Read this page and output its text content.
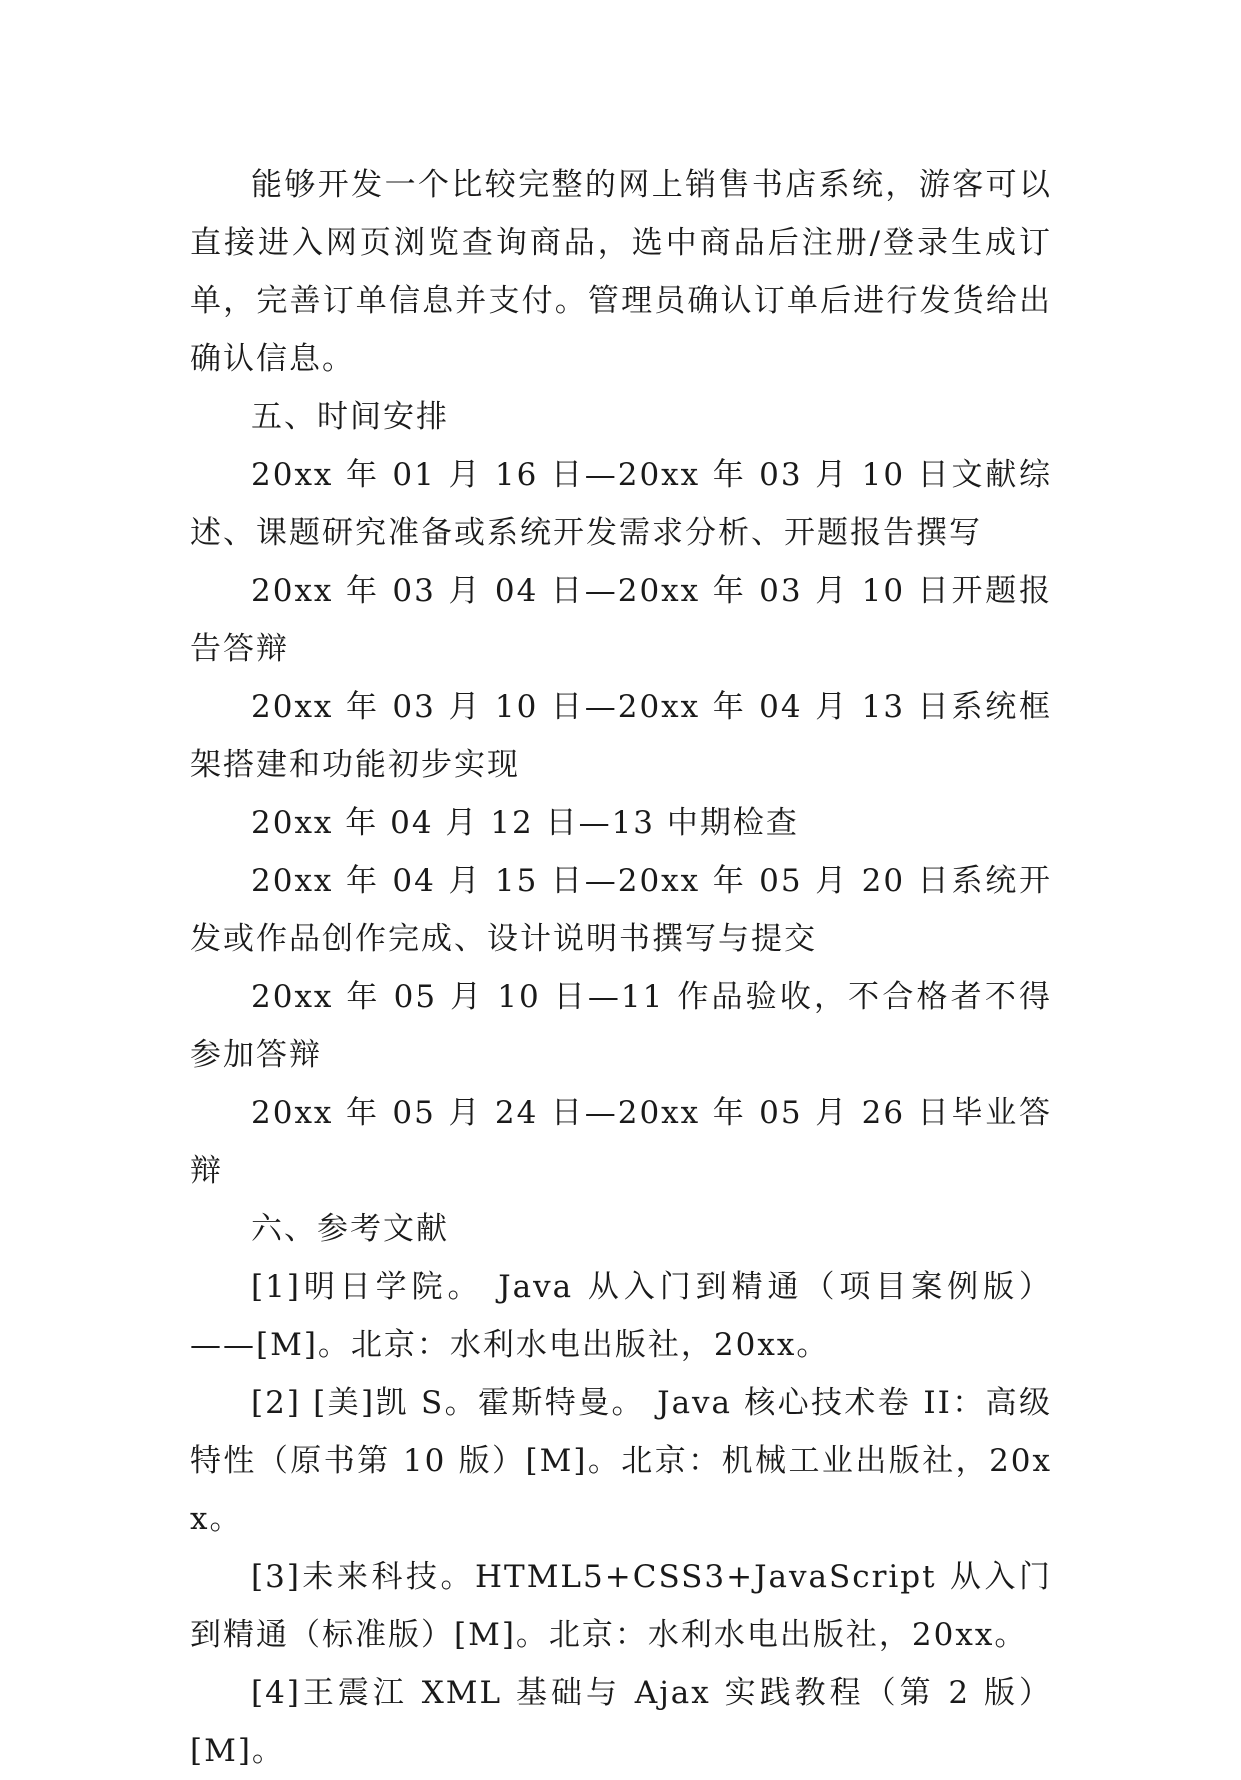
能够开发一个比较完整的网上销售书店系统，游客可以直接进入网页浏览查询商品，选中商品后注册/登录生成订单，完善订单信息并支付。管理员确认订单后进行发货给出确认信息。

五、时间安排

20xx 年 01 月 16 日—20xx 年 03 月 10 日文献综述、课题研究准备或系统开发需求分析、开题报告撰写

20xx 年 03 月 04 日—20xx 年 03 月 10 日开题报告答辩

20xx 年 03 月 10 日—20xx 年 04 月 13 日系统框架搭建和功能初步实现

20xx 年 04 月 12 日—13 中期检查

20xx 年 04 月 15 日—20xx 年 05 月 20 日系统开发或作品创作完成、设计说明书撰写与提交

20xx 年 05 月 10 日—11 作品验收，不合格者不得参加答辩

20xx 年 05 月 24 日—20xx 年 05 月 26 日毕业答辩

六、参考文献

[1]明日学院。 Java 从入门到精通（项目案例版）——[M]。北京：水利水电出版社，20xx。

[2] [美]凯 S。霍斯特曼。 Java 核心技术卷 II：高级特性（原书第 10 版）[M]。北京：机械工业出版社，20xx。

[3]未来科技。HTML5+CSS3+JavaScript 从入门到精通（标准版）[M]。北京：水利水电出版社，20xx。

[4]王震江 XML 基础与 Ajax 实践教程（第 2 版）[M]。
